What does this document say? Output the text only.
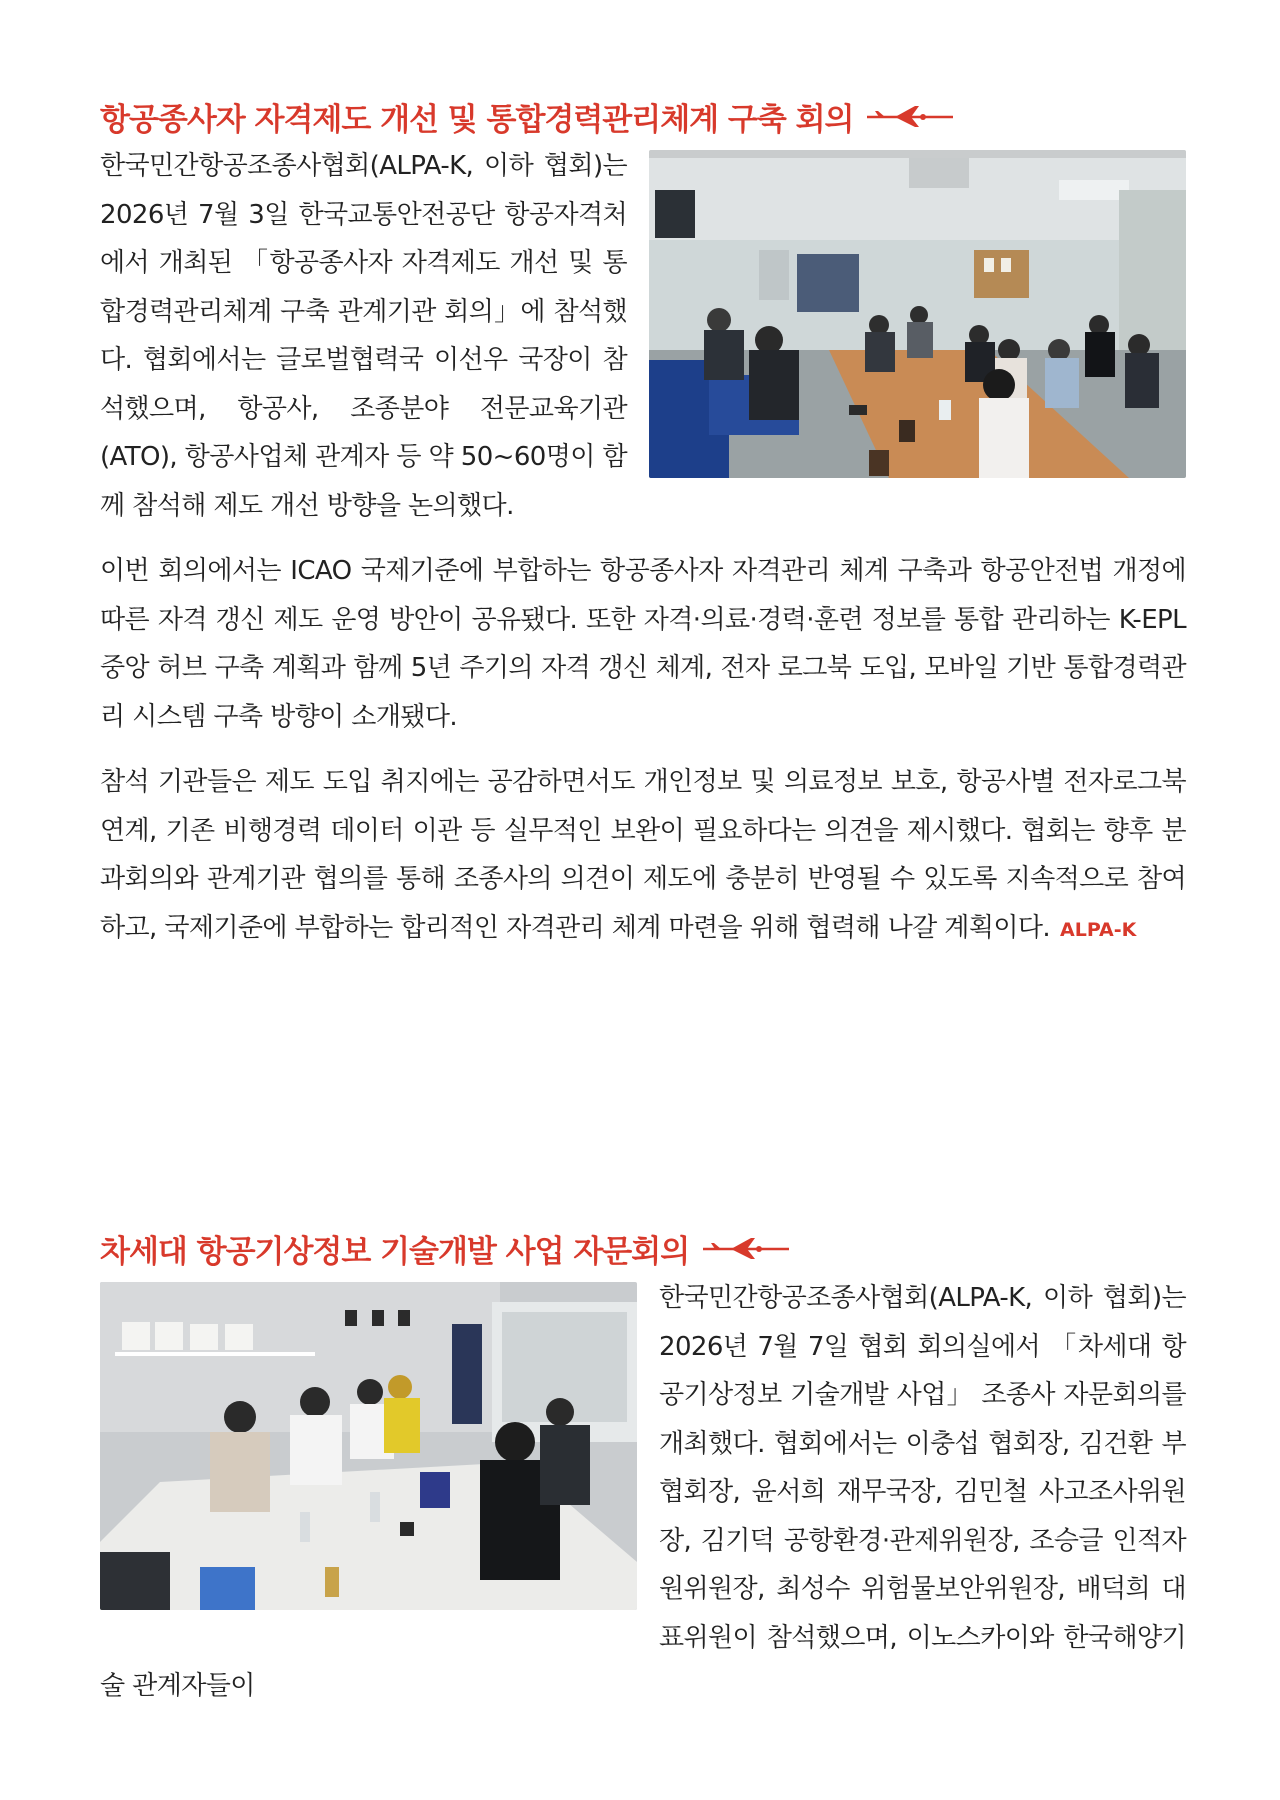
항공종사자 자격제도 개선 및 통합경력관리체계 구축 회의

한국민간항공조종사협회(ALPA-K, 이하 협회)는 2026년 7월 3일 한국교통안전공단 항공자격처에서 개최된 「항공종사자 자격제도 개선 및 통합경력관리체계 구축 관계기관 회의」에 참석했다. 협회에서는 글로벌협력국 이선우 국장이 참석했으며, 항공사, 조종분야 전문교육기관(ATO), 항공사업체 관계자 등 약 50~60명이 함께 참석해 제도 개선 방향을 논의했다.

이번 회의에서는 ICAO 국제기준에 부합하는 항공종사자 자격관리 체계 구축과 항공안전법 개정에 따른 자격 갱신 제도 운영 방안이 공유됐다. 또한 자격·의료·경력·훈련 정보를 통합 관리하는 K-EPL 중앙 허브 구축 계획과 함께 5년 주기의 자격 갱신 체계, 전자 로그북 도입, 모바일 기반 통합경력관리 시스템 구축 방향이 소개됐다.

참석 기관들은 제도 도입 취지에는 공감하면서도 개인정보 및 의료정보 보호, 항공사별 전자로그북 연계, 기존 비행경력 데이터 이관 등 실무적인 보완이 필요하다는 의견을 제시했다. 협회는 향후 분과회의와 관계기관 협의를 통해 조종사의 의견이 제도에 충분히 반영될 수 있도록 지속적으로 참여하고, 국제기준에 부합하는 합리적인 자격관리 체계 마련을 위해 협력해 나갈 계획이다. ALPA-K

차세대 항공기상정보 기술개발 사업 자문회의

한국민간항공조종사협회(ALPA-K, 이하 협회)는 2026년 7월 7일 협회 회의실에서 「차세대 항공기상정보 기술개발 사업」 조종사 자문회의를 개최했다. 협회에서는 이충섭 협회장, 김건환 부협회장, 윤서희 재무국장, 김민철 사고조사위원장, 김기덕 공항환경·관제위원장, 조승글 인적자원위원장, 최성수 위험물보안위원장, 배덕희 대표위원이 참석했으며, 이노스카이와 한국해양기술 관계자들이
